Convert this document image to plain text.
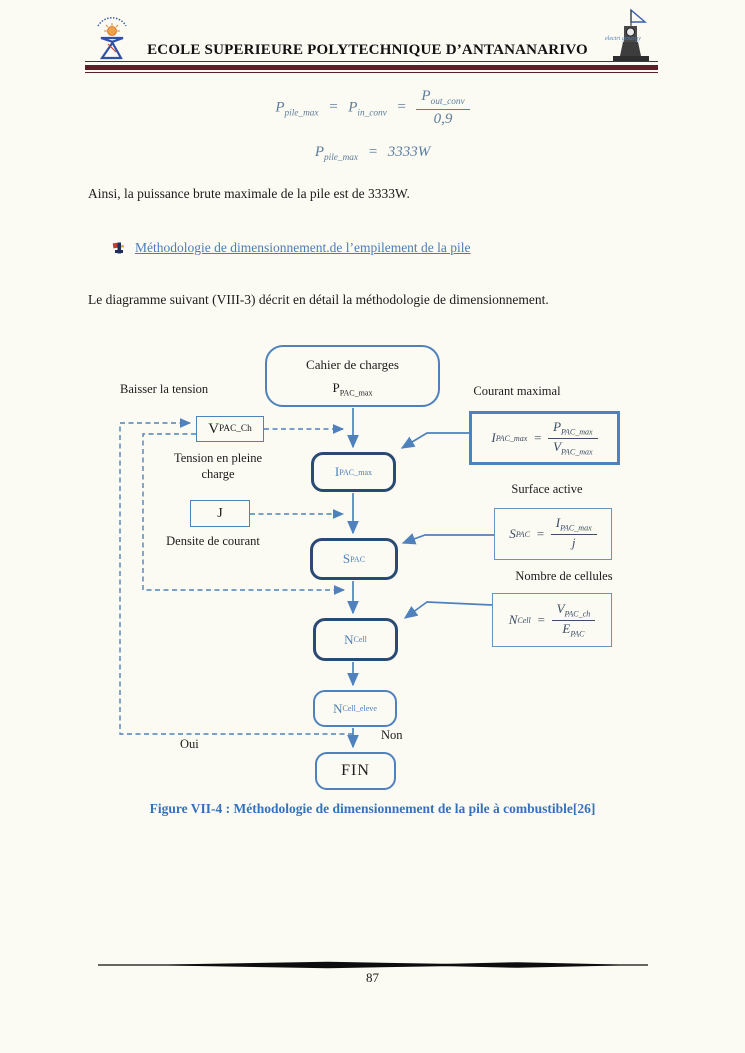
electri genergy
ECOLE SUPERIEURE POLYTECHNIQUE D’ANTANANARIVO
$P_{pile\_max} = P_{in\_conv} = \frac{P_{out\_conv}}{0,9}$
$P_{pile\_max} = 3333W$
Ainsi, la puissance brute maximale de la pile est de 3333W.
Méthodologie de dimensionnement.de l’empilement de la pile
Le diagramme suivant (VIII-3) décrit en détail la méthodologie de dimensionnement.
Cahier de charges
$P_{PAC\_max}$
Baisser la tension	Courant maximal
V PAC_Ch
I PAC_max = $\frac{P_{PAC\_max}}{V_{PAC\_max}}$
Tension en pleine
charge	I PAC_max
Surface active
J
S PAC = $\frac{I_{PAC\_max}}{j}$
Densite de courant
S PAC
Nombre de cellules
N Cell = $\frac{V_{PAC\_ch}}{E_{PAC}}$
N Cell
N Cell_eleve
Oui
Non
FIN
Figure VII-4 : Méthodologie de dimensionnement de la pile à combustible[26]
87
